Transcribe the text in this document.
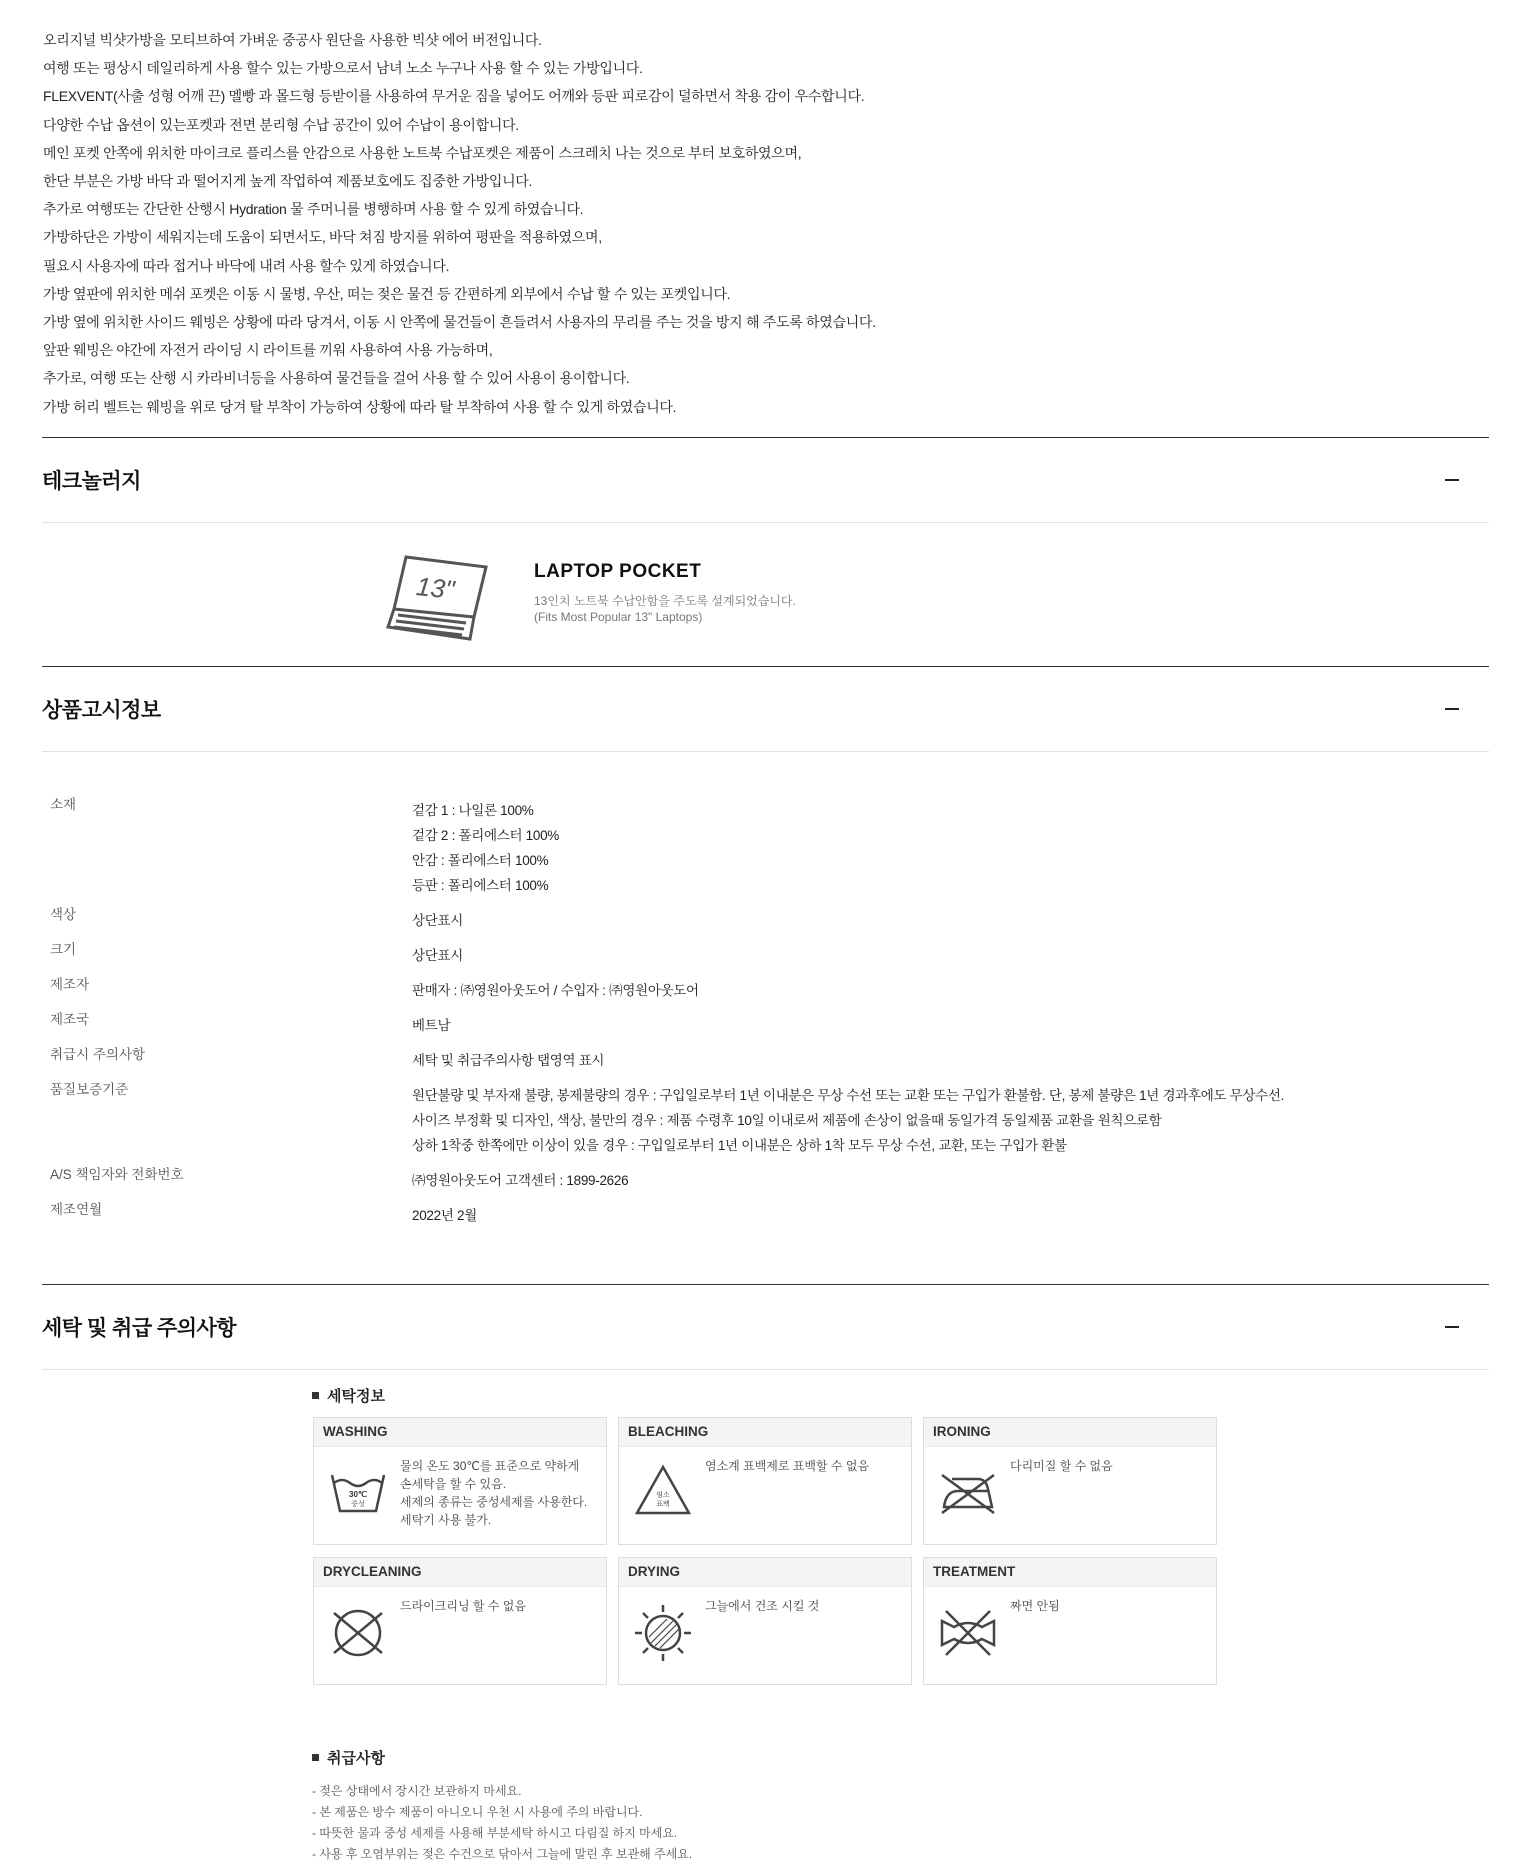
오리지널 빅샷가방을 모티브하여 가벼운 중공사 원단을 사용한 빅샷 에어 버전입니다.

여행 또는 평상시 데일리하게 사용 할수 있는 가방으로서 남녀 노소 누구나 사용 할 수 있는 가방입니다.

FLEXVENT(사출 성형 어깨 끈) 멜빵 과 몰드형 등받이를 사용하여 무거운 짐을 넣어도 어깨와 등판 피로감이 덜하면서 착용 감이 우수합니다.

다양한 수납 옵션이 있는포켓과 전면 분리형 수납 공간이 있어 수납이 용이합니다.

메인 포켓 안쪽에 위치한 마이크로 플리스를 안감으로 사용한 노트북 수납포켓은 제품이 스크레치 나는 것으로 부터 보호하였으며,

한단 부분은 가방 바닥 과 떨어지게 높게 작업하여 제품보호에도 집중한 가방입니다.

추가로 여행또는 간단한 산행시 Hydration 물 주머니를 병행하며 사용 할 수 있게 하였습니다.

가방하단은 가방이 세워지는데 도움이 되면서도, 바닥 쳐짐 방지를 위하여 평판을 적용하였으며,

필요시 사용자에 따라 접거나 바닥에 내려 사용 할수 있게 하였습니다.

가방 옆판에 위치한 메쉬 포켓은 이동 시 물병, 우산, 떠는 젖은 물건 등 간편하게 외부에서 수납 할 수 있는 포켓입니다.

가방 옆에 위치한 사이드 웨빙은 상황에 따라 당겨서, 이동 시 안쪽에 물건들이 흔들려서 사용자의 무리를 주는 것을 방지 해 주도록 하였습니다.

앞판 웨빙은 야간에 자전거 라이딩 시 라이트를 끼워 사용하여 사용 가능하며,

추가로, 여행 또는 산행 시 카라비너등을 사용하여 물건들을 걸어 사용 할 수 있어 사용이 용이합니다.

가방 허리 벨트는 웨빙을 위로 당겨 탈 부착이 가능하여 상황에 따라 탈 부착하여 사용 할 수 있게 하였습니다.

테크놀러지
13"	LAPTOP POCKET
13인치 노트북 수납안함을 주도록 설계되었습니다.
(Fits Most Popular 13" Laptops)
상품고시정보
소재	겉감 1 : 나일론 100%
겉감 2 : 폴리에스터 100%
안감 : 폴리에스터 100%
등판 : 폴리에스터 100%
색상	상단표시
크기	상단표시
제조자	판매자 : ㈜영원아웃도어 / 수입자 : ㈜영원아웃도어
제조국	베트남
취급시 주의사항	세탁 및 취급주의사항 탭영역 표시
품질보증기준	원단불량 및 부자재 불량, 봉제불량의 경우 : 구입일로부터 1년 이내분은 무상 수선 또는 교환 또는 구입가 환불함. 단, 봉제 불량은 1년 경과후에도 무상수선.
사이즈 부정확 및 디자인, 색상, 불만의 경우 : 제품 수령후 10일 이내로써 제품에 손상이 없을때 동일가격 동일제품 교환을 원칙으로함
상하 1착중 한쪽에만 이상이 있을 경우 : 구입일로부터 1년 이내분은 상하 1착 모두 무상 수선, 교환, 또는 구입가 환불
A/S 책임자와 전화번호	㈜영원아웃도어 고객센터 : 1899-2626
제조연월	2022년 2월
세탁 및 취급 주의사항
세탁정보
WASHING
30℃
중성
물의 온도 30℃를 표준으로 약하게
손세탁을 할 수 있음.
세제의 종류는 중성세제를 사용한다.
세탁기 사용 불가.
BLEACHING
염소
표백
염소계 표백제로 표백할 수 없음
IRONING
다리미질 할 수 없음
DRYCLEANING
드라이크리닝 할 수 없음
DRYING
그늘에서 건조 시킬 것
TREATMENT
짜면 안됨
취급사항
- 젖은 상태에서 장시간 보관하지 마세요.
- 본 제품은 방수 제품이 아니오니 우천 시 사용에 주의 바랍니다.
- 따뜻한 물과 중성 세제를 사용해 부분세탁 하시고 다림질 하지 마세요.
- 사용 후 오염부위는 젖은 수건으로 닦아서 그늘에 말린 후 보관해 주세요.
